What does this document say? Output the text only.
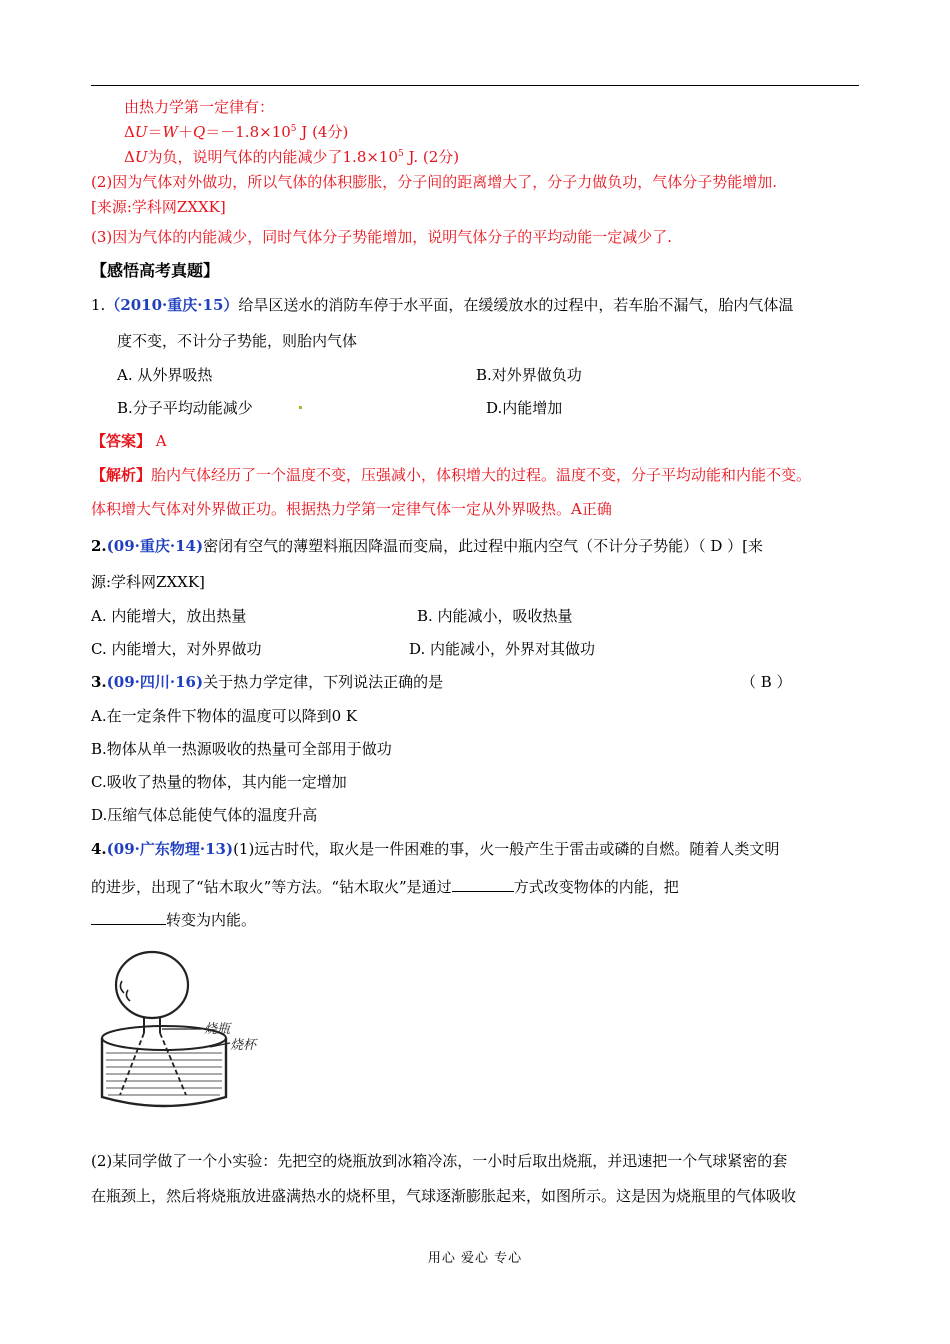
由热力学第一定律有：
$\Delta U=W+Q=-1.8\times 10^5$ J (4分)
ΔU为负，说明气体的内能减少了$1.8\times 10^5$ J. (2分)
(2)因为气体对外做功，所以气体的体积膨胀，分子间的距离增大了，分子力做负功，气体分子势能增加.
[来源:学科网ZXXK]
(3)因为气体的内能减少，同时气体分子势能增加，说明气体分子的平均动能一定减少了.
【感悟高考真题】
1.（2010·重庆·15）给旱区送水的消防车停于水平面，在缓缓放水的过程中，若车胎不漏气，胎内气体温
度不变，不计分子势能，则胎内气体
A. 从外界吸热	B.对外界做负功
B.分子平均动能减少	D.内能增加
【答案】 A
【解析】胎内气体经历了一个温度不变，压强减小，体积增大的过程。温度不变，分子平均动能和内能不变。
体积增大气体对外界做正功。根据热力学第一定律气体一定从外界吸热。A正确
2.(09·重庆·14)密闭有空气的薄塑料瓶因降温而变扁，此过程中瓶内空气（不计分子势能）（ D ）[来
源:学科网ZXXK]
A. 内能增大，放出热量	B. 内能减小，吸收热量
C. 内能增大，对外界做功	D. 内能减小，外界对其做功
3.(09·四川·16)关于热力学定律，下列说法正确的是	（ B ）
A.在一定条件下物体的温度可以降到0 K
B.物体从单一热源吸收的热量可全部用于做功
C.吸收了热量的物体，其内能一定增加
D.压缩气体总能使气体的温度升高
4.(09·广东物理·13)(1)远古时代，取火是一件困难的事，火一般产生于雷击或磷的自燃。随着人类文明
的进步，出现了“钻木取火”等方法。“钻木取火”是通过	方式改变物体的内能，把
转变为内能。
烧瓶
烧杯
(2)某同学做了一个小实验：先把空的烧瓶放到冰箱冷冻，一小时后取出烧瓶，并迅速把一个气球紧密的套
在瓶颈上，然后将烧瓶放进盛满热水的烧杯里，气球逐渐膨胀起来，如图所示。这是因为烧瓶里的气体吸收
用心 爱心 专心
